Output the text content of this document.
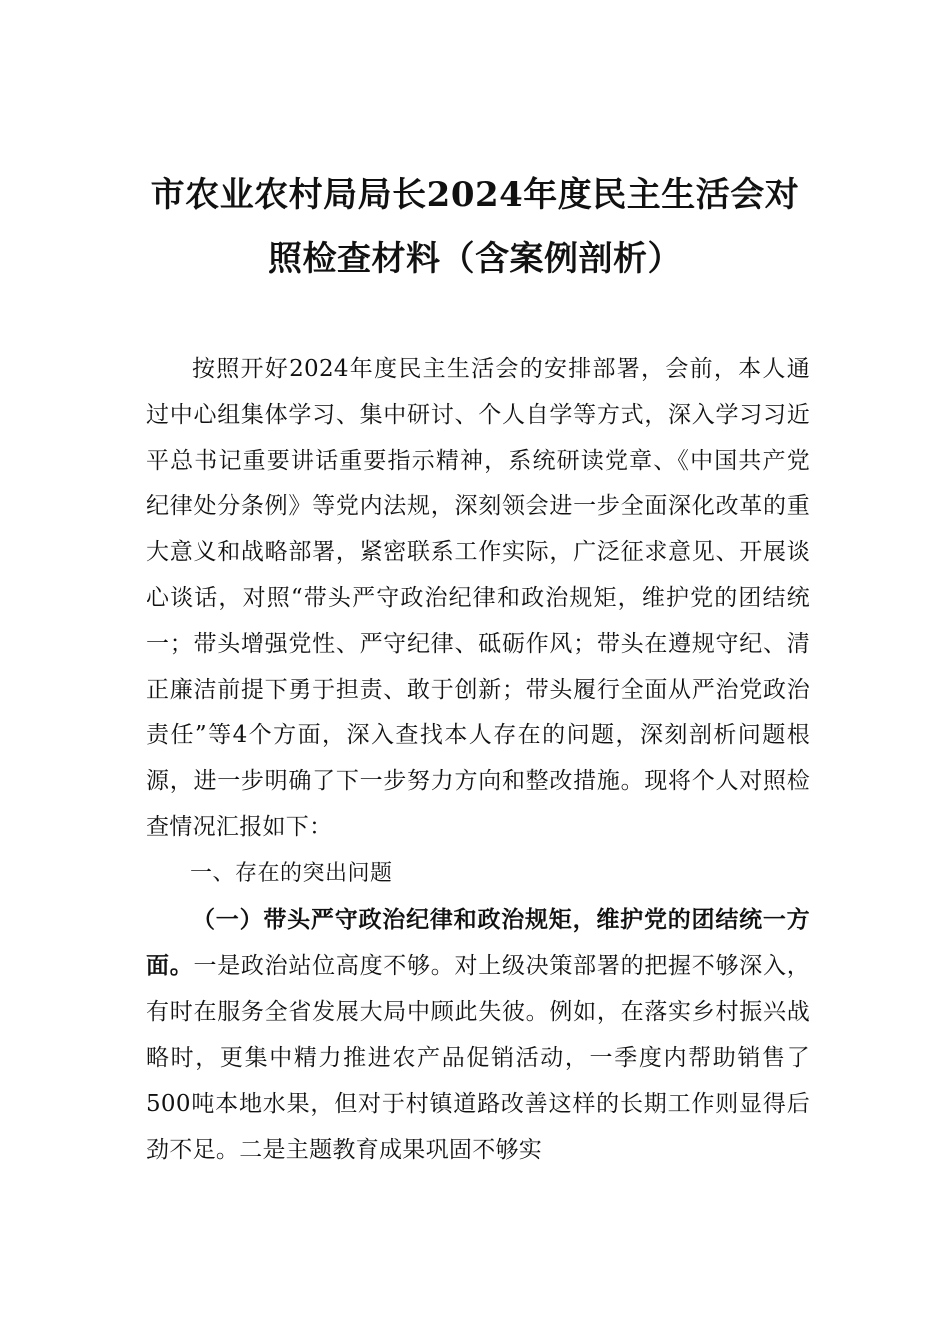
市农业农村局局长2024年度民主生活会对
照检查材料（含案例剖析）

按照开好2024年度民主生活会的安排部署，会前，本人通过中心组集体学习、集中研讨、个人自学等方式，深入学习习近平总书记重要讲话重要指示精神，系统研读党章、《中国共产党纪律处分条例》等党内法规，深刻领会进一步全面深化改革的重大意义和战略部署，紧密联系工作实际，广泛征求意见、开展谈心谈话，对照“带头严守政治纪律和政治规矩，维护党的团结统一；带头增强党性、严守纪律、砥砺作风；带头在遵规守纪、清正廉洁前提下勇于担责、敢于创新；带头履行全面从严治党政治责任”等4个方面，深入查找本人存在的问题，深刻剖析问题根源，进一步明确了下一步努力方向和整改措施。现将个人对照检查情况汇报如下：

一、存在的突出问题

（一）带头严守政治纪律和政治规矩，维护党的团结统一方面。一是政治站位高度不够。对上级决策部署的把握不够深入，有时在服务全省发展大局中顾此失彼。例如，在落实乡村振兴战略时，更集中精力推进农产品促销活动，一季度内帮助销售了500吨本地水果，但对于村镇道路改善这样的长期工作则显得后劲不足。二是主题教育成果巩固不够实
